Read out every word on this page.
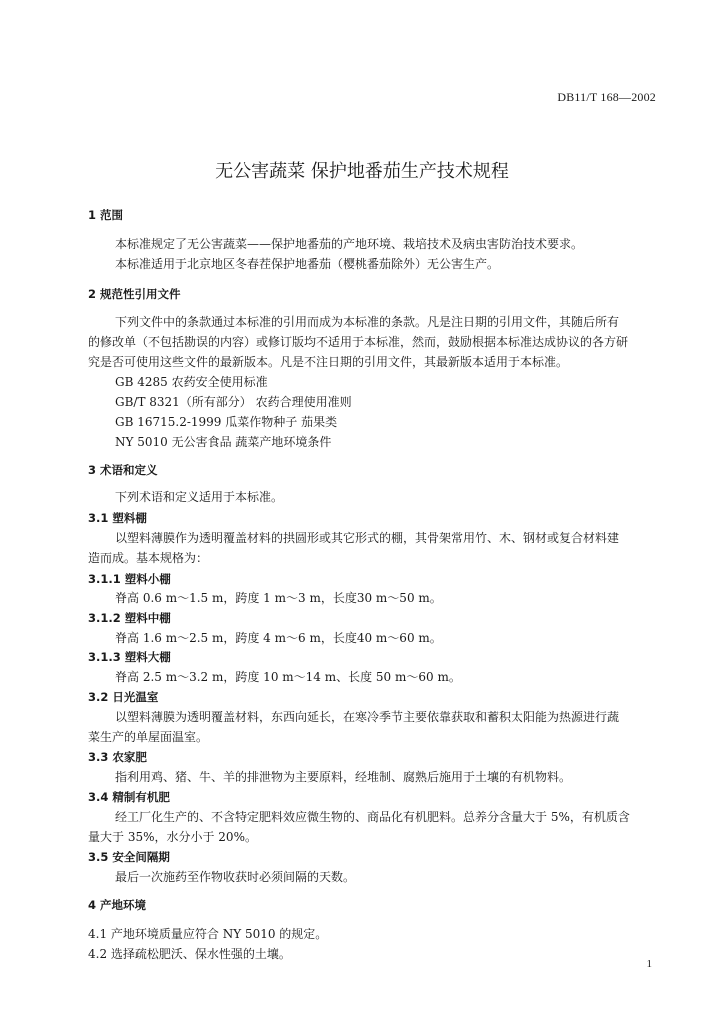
DB11/T 168—2002
无公害蔬菜 保护地番茄生产技术规程
1 范围
本标准规定了无公害蔬菜——保护地番茄的产地环境、栽培技术及病虫害防治技术要求。
本标准适用于北京地区冬春茬保护地番茄（樱桃番茄除外）无公害生产。
2 规范性引用文件
下列文件中的条款通过本标准的引用而成为本标准的条款。凡是注日期的引用文件，其随后所有
的修改单（不包括勘误的内容）或修订版均不适用于本标准，然而，鼓励根据本标准达成协议的各方研
究是否可使用这些文件的最新版本。凡是不注日期的引用文件，其最新版本适用于本标准。
GB 4285 农药安全使用标准
GB/T 8321（所有部分） 农药合理使用准则
GB 16715.2-1999 瓜菜作物种子 茄果类
NY 5010 无公害食品 蔬菜产地环境条件
3 术语和定义
下列术语和定义适用于本标准。
3.1 塑料棚
以塑料薄膜作为透明覆盖材料的拱圆形或其它形式的棚，其骨架常用竹、木、钢材或复合材料建
造而成。基本规格为：
3.1.1 塑料小棚
脊高 0.6 m～1.5 m，跨度 1 m～3 m，长度30 m～50 m。
3.1.2 塑料中棚
脊高 1.6 m～2.5 m，跨度 4 m～6 m，长度40 m～60 m。
3.1.3 塑料大棚
脊高 2.5 m～3.2 m，跨度 10 m～14 m、长度 50 m～60 m。
3.2 日光温室
以塑料薄膜为透明覆盖材料，东西向延长，在寒冷季节主要依靠获取和蓄积太阳能为热源进行蔬
菜生产的单屋面温室。
3.3 农家肥
指利用鸡、猪、牛、羊的排泄物为主要原料，经堆制、腐熟后施用于土壤的有机物料。
3.4 精制有机肥
经工厂化生产的、不含特定肥料效应微生物的、商品化有机肥料。总养分含量大于 5%，有机质含
量大于 35%，水分小于 20%。
3.5 安全间隔期
最后一次施药至作物收获时必须间隔的天数。
4 产地环境
4.1 产地环境质量应符合 NY 5010 的规定。
4.2 选择疏松肥沃、保水性强的土壤。
1
